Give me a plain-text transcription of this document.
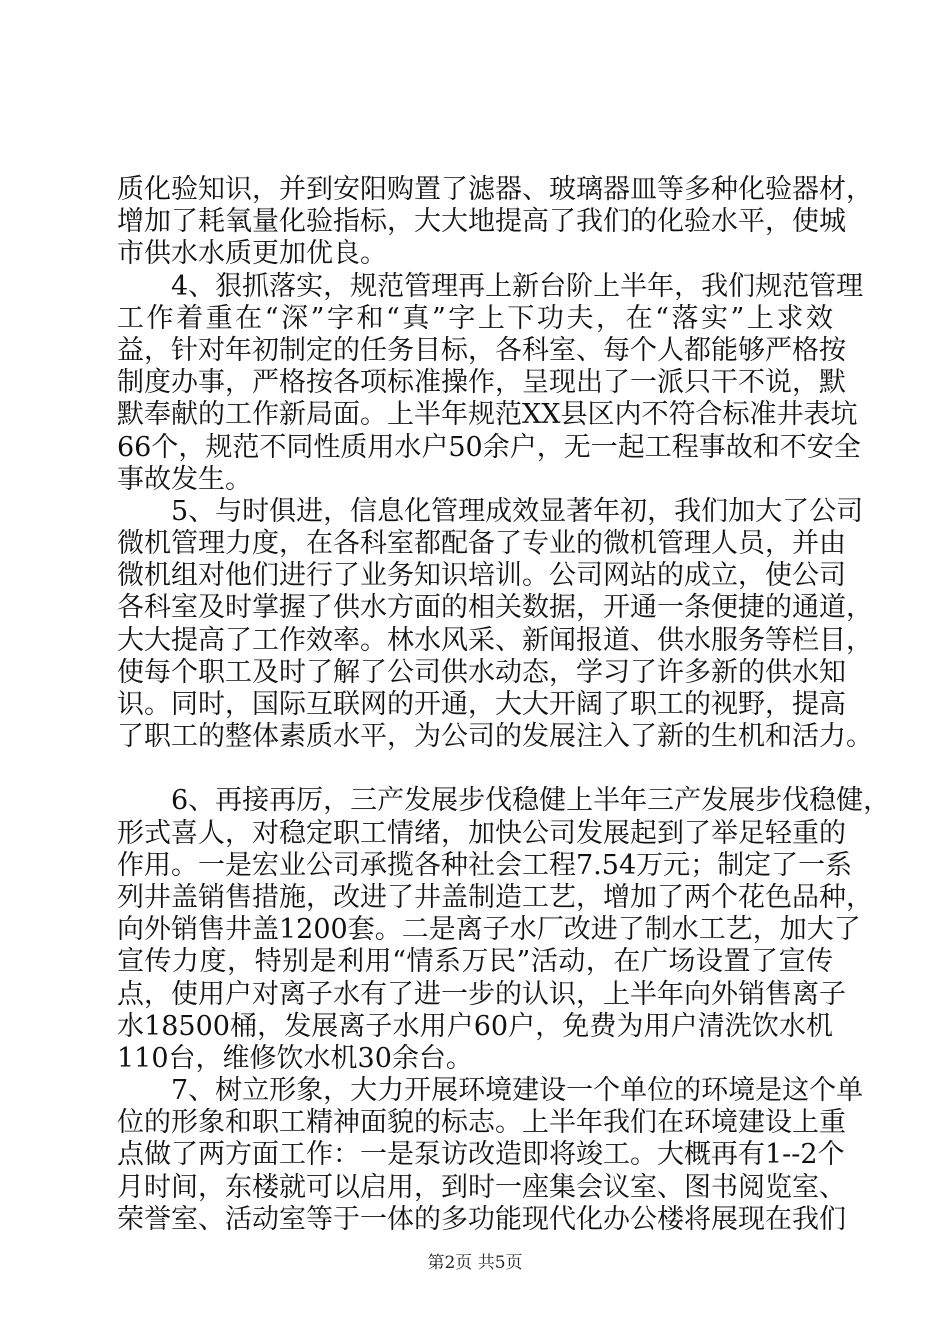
质化验知识，并到安阳购置了滤器、玻璃器皿等多种化验器材，
增加了耗氧量化验指标，大大地提高了我们的化验水平，使城
市供水水质更加优良。
4、狠抓落实，规范管理再上新台阶上半年，我们规范管理
工作着重在“深”字和“真”字上下功夫，在“落实”上求效
益，针对年初制定的任务目标，各科室、每个人都能够严格按
制度办事，严格按各项标准操作，呈现出了一派只干不说，默
默奉献的工作新局面。上半年规范XX县区内不符合标准井表坑
66个，规范不同性质用水户50余户，无一起工程事故和不安全
事故发生。
5、与时俱进，信息化管理成效显著年初，我们加大了公司
微机管理力度，在各科室都配备了专业的微机管理人员，并由
微机组对他们进行了业务知识培训。公司网站的成立，使公司
各科室及时掌握了供水方面的相关数据，开通一条便捷的通道，
大大提高了工作效率。林水风采、新闻报道、供水服务等栏目，
使每个职工及时了解了公司供水动态，学习了许多新的供水知
识。同时，国际互联网的开通，大大开阔了职工的视野，提高
了职工的整体素质水平，为公司的发展注入了新的生机和活力。
6、再接再厉，三产发展步伐稳健上半年三产发展步伐稳健，
形式喜人，对稳定职工情绪，加快公司发展起到了举足轻重的
作用。一是宏业公司承揽各种社会工程7.54万元；制定了一系
列井盖销售措施，改进了井盖制造工艺，增加了两个花色品种，
向外销售井盖1200套。二是离子水厂改进了制水工艺，加大了
宣传力度，特别是利用“情系万民”活动，在广场设置了宣传
点，使用户对离子水有了进一步的认识，上半年向外销售离子
水18500桶，发展离子水用户60户，免费为用户清洗饮水机
110台，维修饮水机30余台。
7、树立形象，大力开展环境建设一个单位的环境是这个单
位的形象和职工精神面貌的标志。上半年我们在环境建设上重
点做了两方面工作：一是泵访改造即将竣工。大概再有1--2个
月时间，东楼就可以启用，到时一座集会议室、图书阅览室、
荣誉室、活动室等于一体的多功能现代化办公楼将展现在我们
第2页 共5页
